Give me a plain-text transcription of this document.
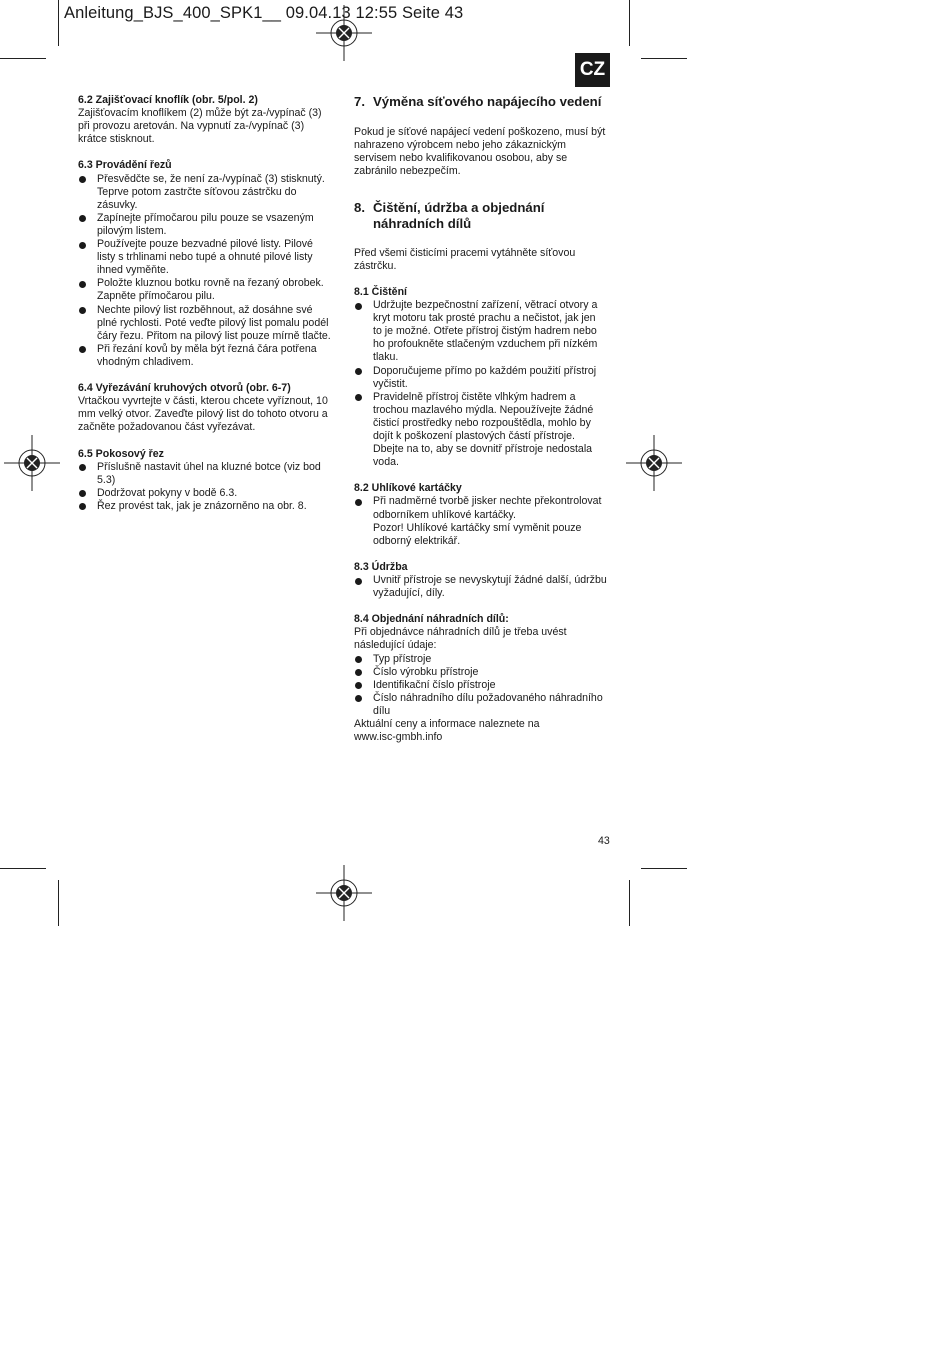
Anleitung_BJS_400_SPK1__ 09.04.13 12:55 Seite 43
CZ

6.2 Zajišťovací knoflík (obr. 5/pol. 2)

Zajišťovacím knoflíkem (2) může být za-/vypínač (3)

při provozu aretován. Na vypnutí za-/vypínač (3)

krátce stisknout.

6.3 Provádění řezů

Přesvědčte se, že není za-/vypínač (3) stisknutý.

Teprve potom zastrčte síťovou zástrčku do

zásuvky.

Zapínejte přímočarou pilu pouze se vsazeným

pilovým listem.

Používejte pouze bezvadné pilové listy. Pilové

listy s trhlinami nebo tupé a ohnuté pilové listy

ihned vyměňte.

Položte kluznou botku rovně na řezaný obrobek.

Zapněte přímočarou pilu.

Nechte pilový list rozběhnout, až dosáhne své

plné rychlosti. Poté veďte pilový list pomalu podél

čáry řezu. Přitom na pilový list pouze mírně tlačte.

Při řezání kovů by měla být řezná čára potřena

vhodným chladivem.

6.4 Vyřezávání kruhových otvorů (obr. 6-7)

Vrtačkou vyvrtejte v části, kterou chcete vyříznout, 10

mm velký otvor. Zaveďte pilový list do tohoto otvoru a

začněte požadovanou část vyřezávat.

6.5 Pokosový řez

Příslušně nastavit úhel na kluzné botce (viz bod

5.3)

Dodržovat pokyny v bodě 6.3.

Řez provést tak, jak je znázorněno na obr. 8.

7. Výměna síťového napájecího vedení

Pokud je síťové napájecí vedení poškozeno, musí být

nahrazeno výrobcem nebo jeho zákaznickým

servisem nebo kvalifikovanou osobou, aby se

zabránilo nebezpečím.

8. Čištění, údržba a objednání
náhradních dílů

Před všemi čisticími pracemi vytáhněte síťovou

zástrčku.

8.1 Čištění

Udržujte bezpečnostní zařízení, větrací otvory a

kryt motoru tak prosté prachu a nečistot, jak jen

to je možné. Otřete přístroj čistým hadrem nebo

ho profoukněte stlačeným vzduchem při nízkém

tlaku.

Doporučujeme přímo po každém použití přístroj

vyčistit.

Pravidelně přístroj čistěte vlhkým hadrem a

trochou mazlavého mýdla. Nepoužívejte žádné

čisticí prostředky nebo rozpouštědla, mohlo by

dojít k poškození plastových částí přístroje.

Dbejte na to, aby se dovnitř přístroje nedostala

voda.

8.2 Uhlíkové kartáčky

Při nadměrné tvorbě jisker nechte překontrolovat

odborníkem uhlíkové kartáčky.

Pozor! Uhlíkové kartáčky smí vyměnit pouze

odborný elektrikář.

8.3 Údržba

Uvnitř přístroje se nevyskytují žádné další, údržbu

vyžadující, díly.

8.4 Objednání náhradních dílů:

Při objednávce náhradních dílů je třeba uvést

následující údaje:

Typ přístroje

Číslo výrobku přístroje

Identifikační číslo přístroje

Číslo náhradního dílu požadovaného náhradního

dílu

Aktuální ceny a informace naleznete na

www.isc-gmbh.info

43
